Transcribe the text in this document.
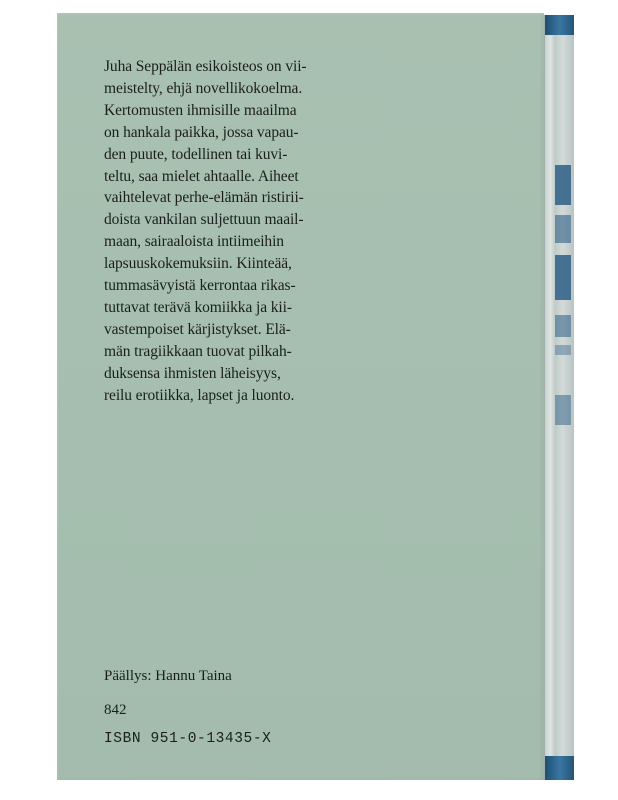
Juha Seppälän esikoisteos on vii-
meistelty, ehjä novellikokoelma.
Kertomusten ihmisille maailma
on hankala paikka, jossa vapau-
den puute, todellinen tai kuvi-
teltu, saa mielet ahtaalle. Aiheet
vaihtelevat perhe-elämän ristirii-
doista vankilan suljettuun maail-
maan, sairaaloista intiimeihin
lapsuuskokemuksiin. Kiinteää,
tummasävyistä kerrontaa rikas-
tuttavat terävä komiikka ja kii-
vastempoiset kärjistykset. Elä-
män tragiikkaan tuovat pilkah-
duksensa ihmisten läheisyys,
reilu erotiikka, lapset ja luonto.
Päällys: Hannu Taina
842
ISBN 951-0-13435-X
